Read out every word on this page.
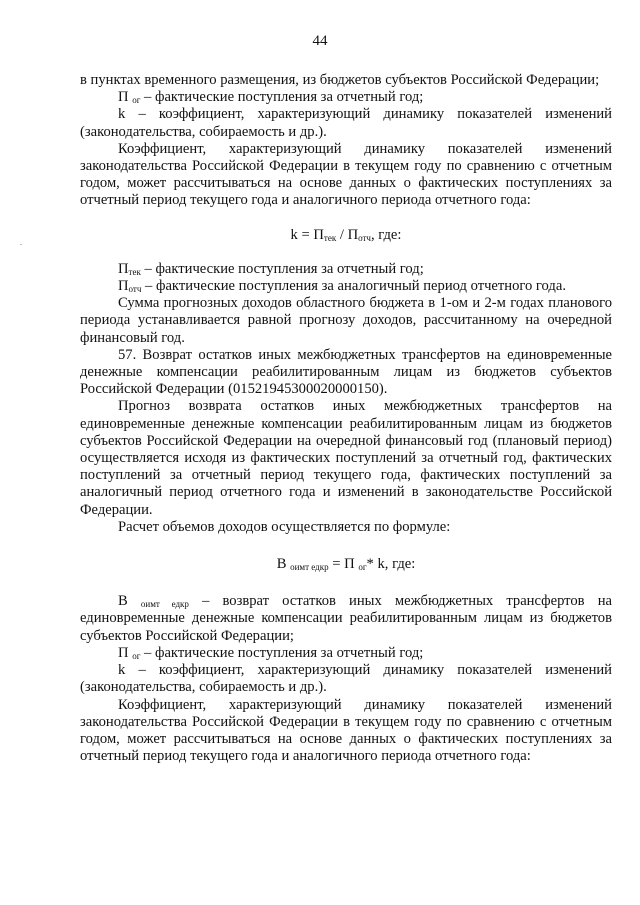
44

в пунктах временного размещения, из бюджетов субъектов Российской Федерации;

П $_{ог}$ – фактические поступления за отчетный год;

k – коэффициент, характеризующий динамику показателей изменений (законодательства, собираемость и др.).

Коэффициент, характеризующий динамику показателей изменений законодательства Российской Федерации в текущем году по сравнению с отчетным годом, может рассчитываться на основе данных о фактических поступлениях за отчетный период текущего года и аналогичного периода отчетного года:

$k = П_{тек} / П_{отч}$, где:

$П_{тек}$ – фактические поступления за отчетный год;

$П_{отч}$ – фактические поступления за аналогичный период отчетного года.

Сумма прогнозных доходов областного бюджета в 1-ом и 2-м годах планового периода устанавливается равной прогнозу доходов, рассчитанному на очередной финансовый год.

57. Возврат остатков иных межбюджетных трансфертов на единовременные денежные компенсации реабилитированным лицам из бюджетов субъектов Российской Федерации (01521945300020000150).

Прогноз возврата остатков иных межбюджетных трансфертов на единовременные денежные компенсации реабилитированным лицам из бюджетов субъектов Российской Федерации на очередной финансовый год (плановый период) осуществляется исходя из фактических поступлений за отчетный год, фактических поступлений за отчетный период текущего года, фактических поступлений за аналогичный период отчетного года и изменений в законодательстве Российской Федерации.

Расчет объемов доходов осуществляется по формуле:

В $_{оимт едкр}$ = П $_{ог}$* k, где:

В $_{оимт едкр}$ – возврат остатков иных межбюджетных трансфертов на единовременные денежные компенсации реабилитированным лицам из бюджетов субъектов Российской Федерации;

П $_{ог}$ – фактические поступления за отчетный год;

k – коэффициент, характеризующий динамику показателей изменений (законодательства, собираемость и др.).

Коэффициент, характеризующий динамику показателей изменений законодательства Российской Федерации в текущем году по сравнению с отчетным годом, может рассчитываться на основе данных о фактических поступлениях за отчетный период текущего года и аналогичного периода отчетного года:
